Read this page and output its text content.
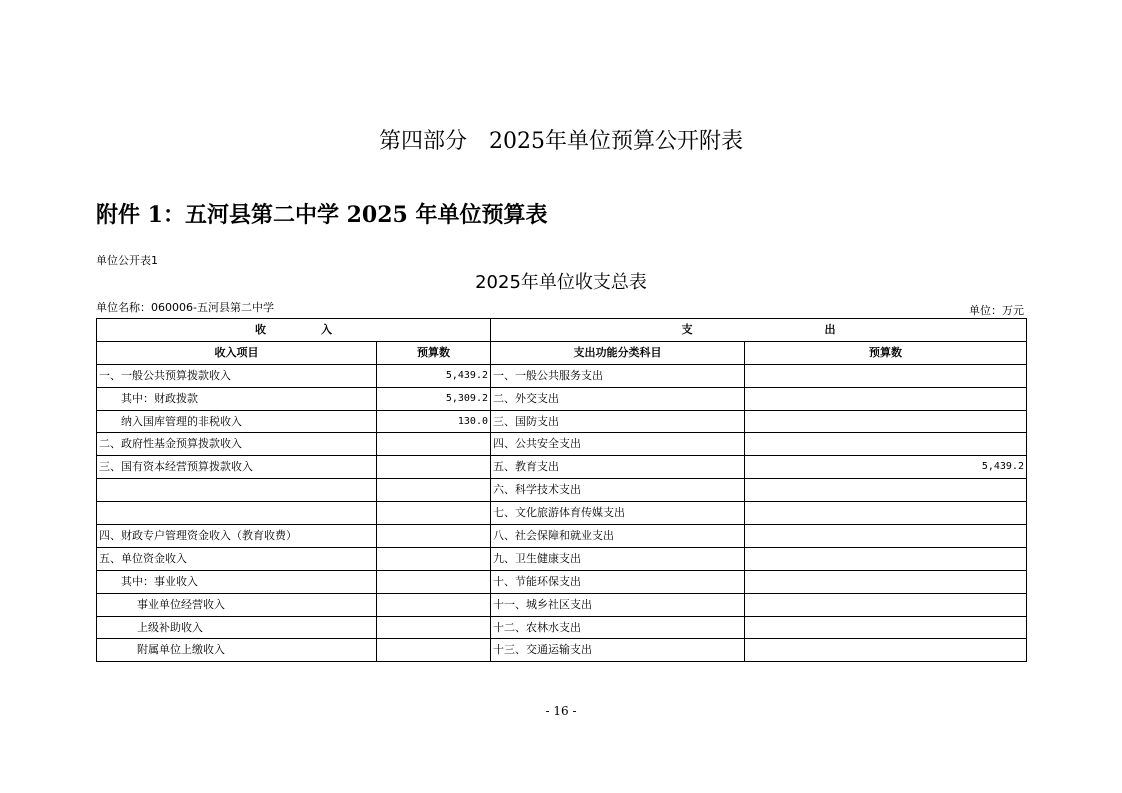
第四部分　2025年单位预算公开附表
附件 1：五河县第二中学 2025 年单位预算表
单位公开表1
2025年单位收支总表
单位名称：060006-五河县第二中学	单位：万元
收　　　　　入		支　　　　　　　　　　　　出	
收入项目	预算数	支出功能分类科目	预算数
一、一般公共预算拨款收入	5,439.2	一、一般公共服务支出	
其中：财政拨款	5,309.2	二、外交支出	
纳入国库管理的非税收入	130.0	三、国防支出	
二、政府性基金预算拨款收入		四、公共安全支出	
三、国有资本经营预算拨款收入		五、教育支出	5,439.2
		六、科学技术支出	
		七、文化旅游体育传媒支出	
四、财政专户管理资金收入（教育收费）		八、社会保障和就业支出	
五、单位资金收入		九、卫生健康支出	
其中：事业收入		十、节能环保支出	
事业单位经营收入		十一、城乡社区支出	
上级补助收入		十二、农林水支出	
附属单位上缴收入		十三、交通运输支出	
- 16 -
